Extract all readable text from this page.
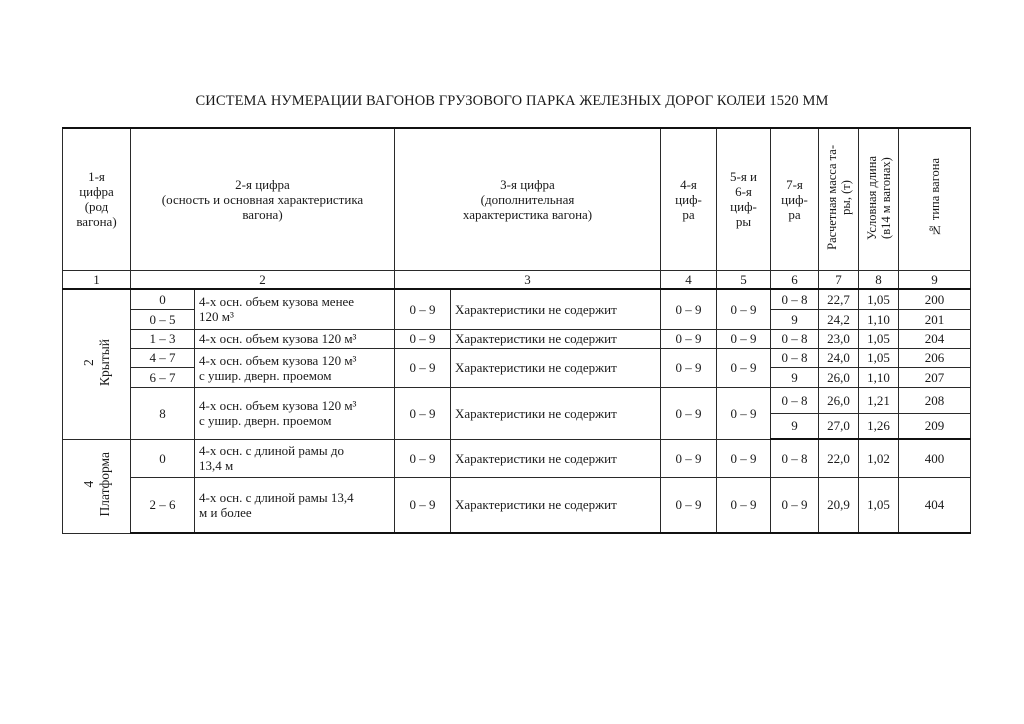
СИСТЕМА НУМЕРАЦИИ ВАГОНОВ ГРУЗОВОГО ПАРКА ЖЕЛЕЗНЫХ ДОРОГ КОЛЕИ 1520 ММ
1-я
цифра
(род
вагона)	2-я цифра
(осность и основная характеристика
вагона)		3-я цифра
(дополнительная
характеристика вагона)		4-я
циф-
ра	5-я и
6-я
циф-
ры	7-я
циф-
ра	Расчетная масса та-
ры, (т)	Условная длина
(в14 м вагонах)	№ типа вагона
1	2		3		4	5	6	7	8	9
2
Крытый	0	4-х осн. объем кузова менее
120 м³	0 – 9	Характеристики не содержит	0 – 9	0 – 9	0 – 8	22,7	1,05	200
	0 – 5						9	24,2	1,10	201
	1 – 3	4-х осн. объем кузова 120 м³	0 – 9	Характеристики не содержит	0 – 9	0 – 9	0 – 8	23,0	1,05	204
	4 – 7	4-х осн. объем кузова 120 м³
с ушир. дверн. проемом	0 – 9	Характеристики не содержит	0 – 9	0 – 9	0 – 8	24,0	1,05	206
	6 – 7						9	26,0	1,10	207
	8	4-х осн. объем кузова 120 м³
с ушир. дверн. проемом	0 – 9	Характеристики не содержит	0 – 9	0 – 9	0 – 8	26,0	1,21	208
							9	27,0	1,26	209
4
Платформа	0	4-х осн. с длиной рамы до
13,4 м	0 – 9	Характеристики не содержит	0 – 9	0 – 9	0 – 8	22,0	1,02	400
	2 – 6	4-х осн. с длиной рамы 13,4
м и более	0 – 9	Характеристики не содержит	0 – 9	0 – 9	0 – 9	20,9	1,05	404
